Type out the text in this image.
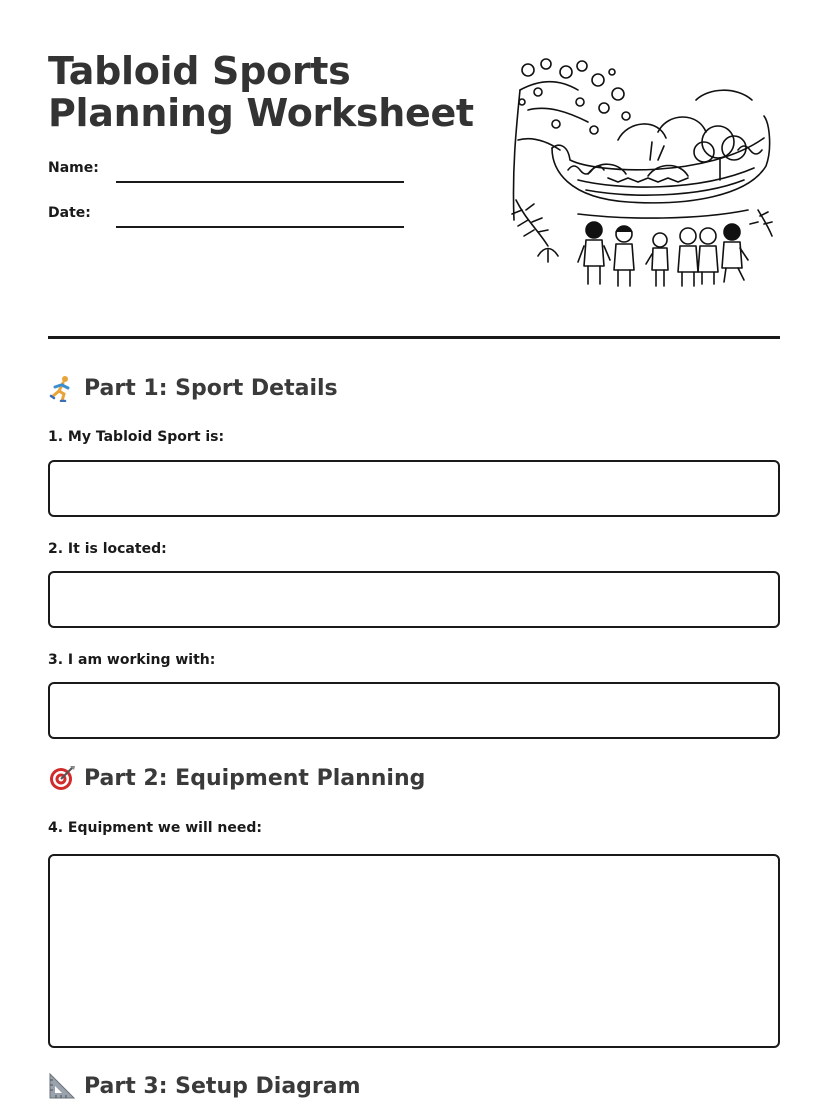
Tabloid Sports Planning Worksheet
Name:
Date:
Part 1: Sport Details
1. My Tabloid Sport is:
2. It is located:
3. I am working with:
Part 2: Equipment Planning
4. Equipment we will need:
Part 3: Setup Diagram
